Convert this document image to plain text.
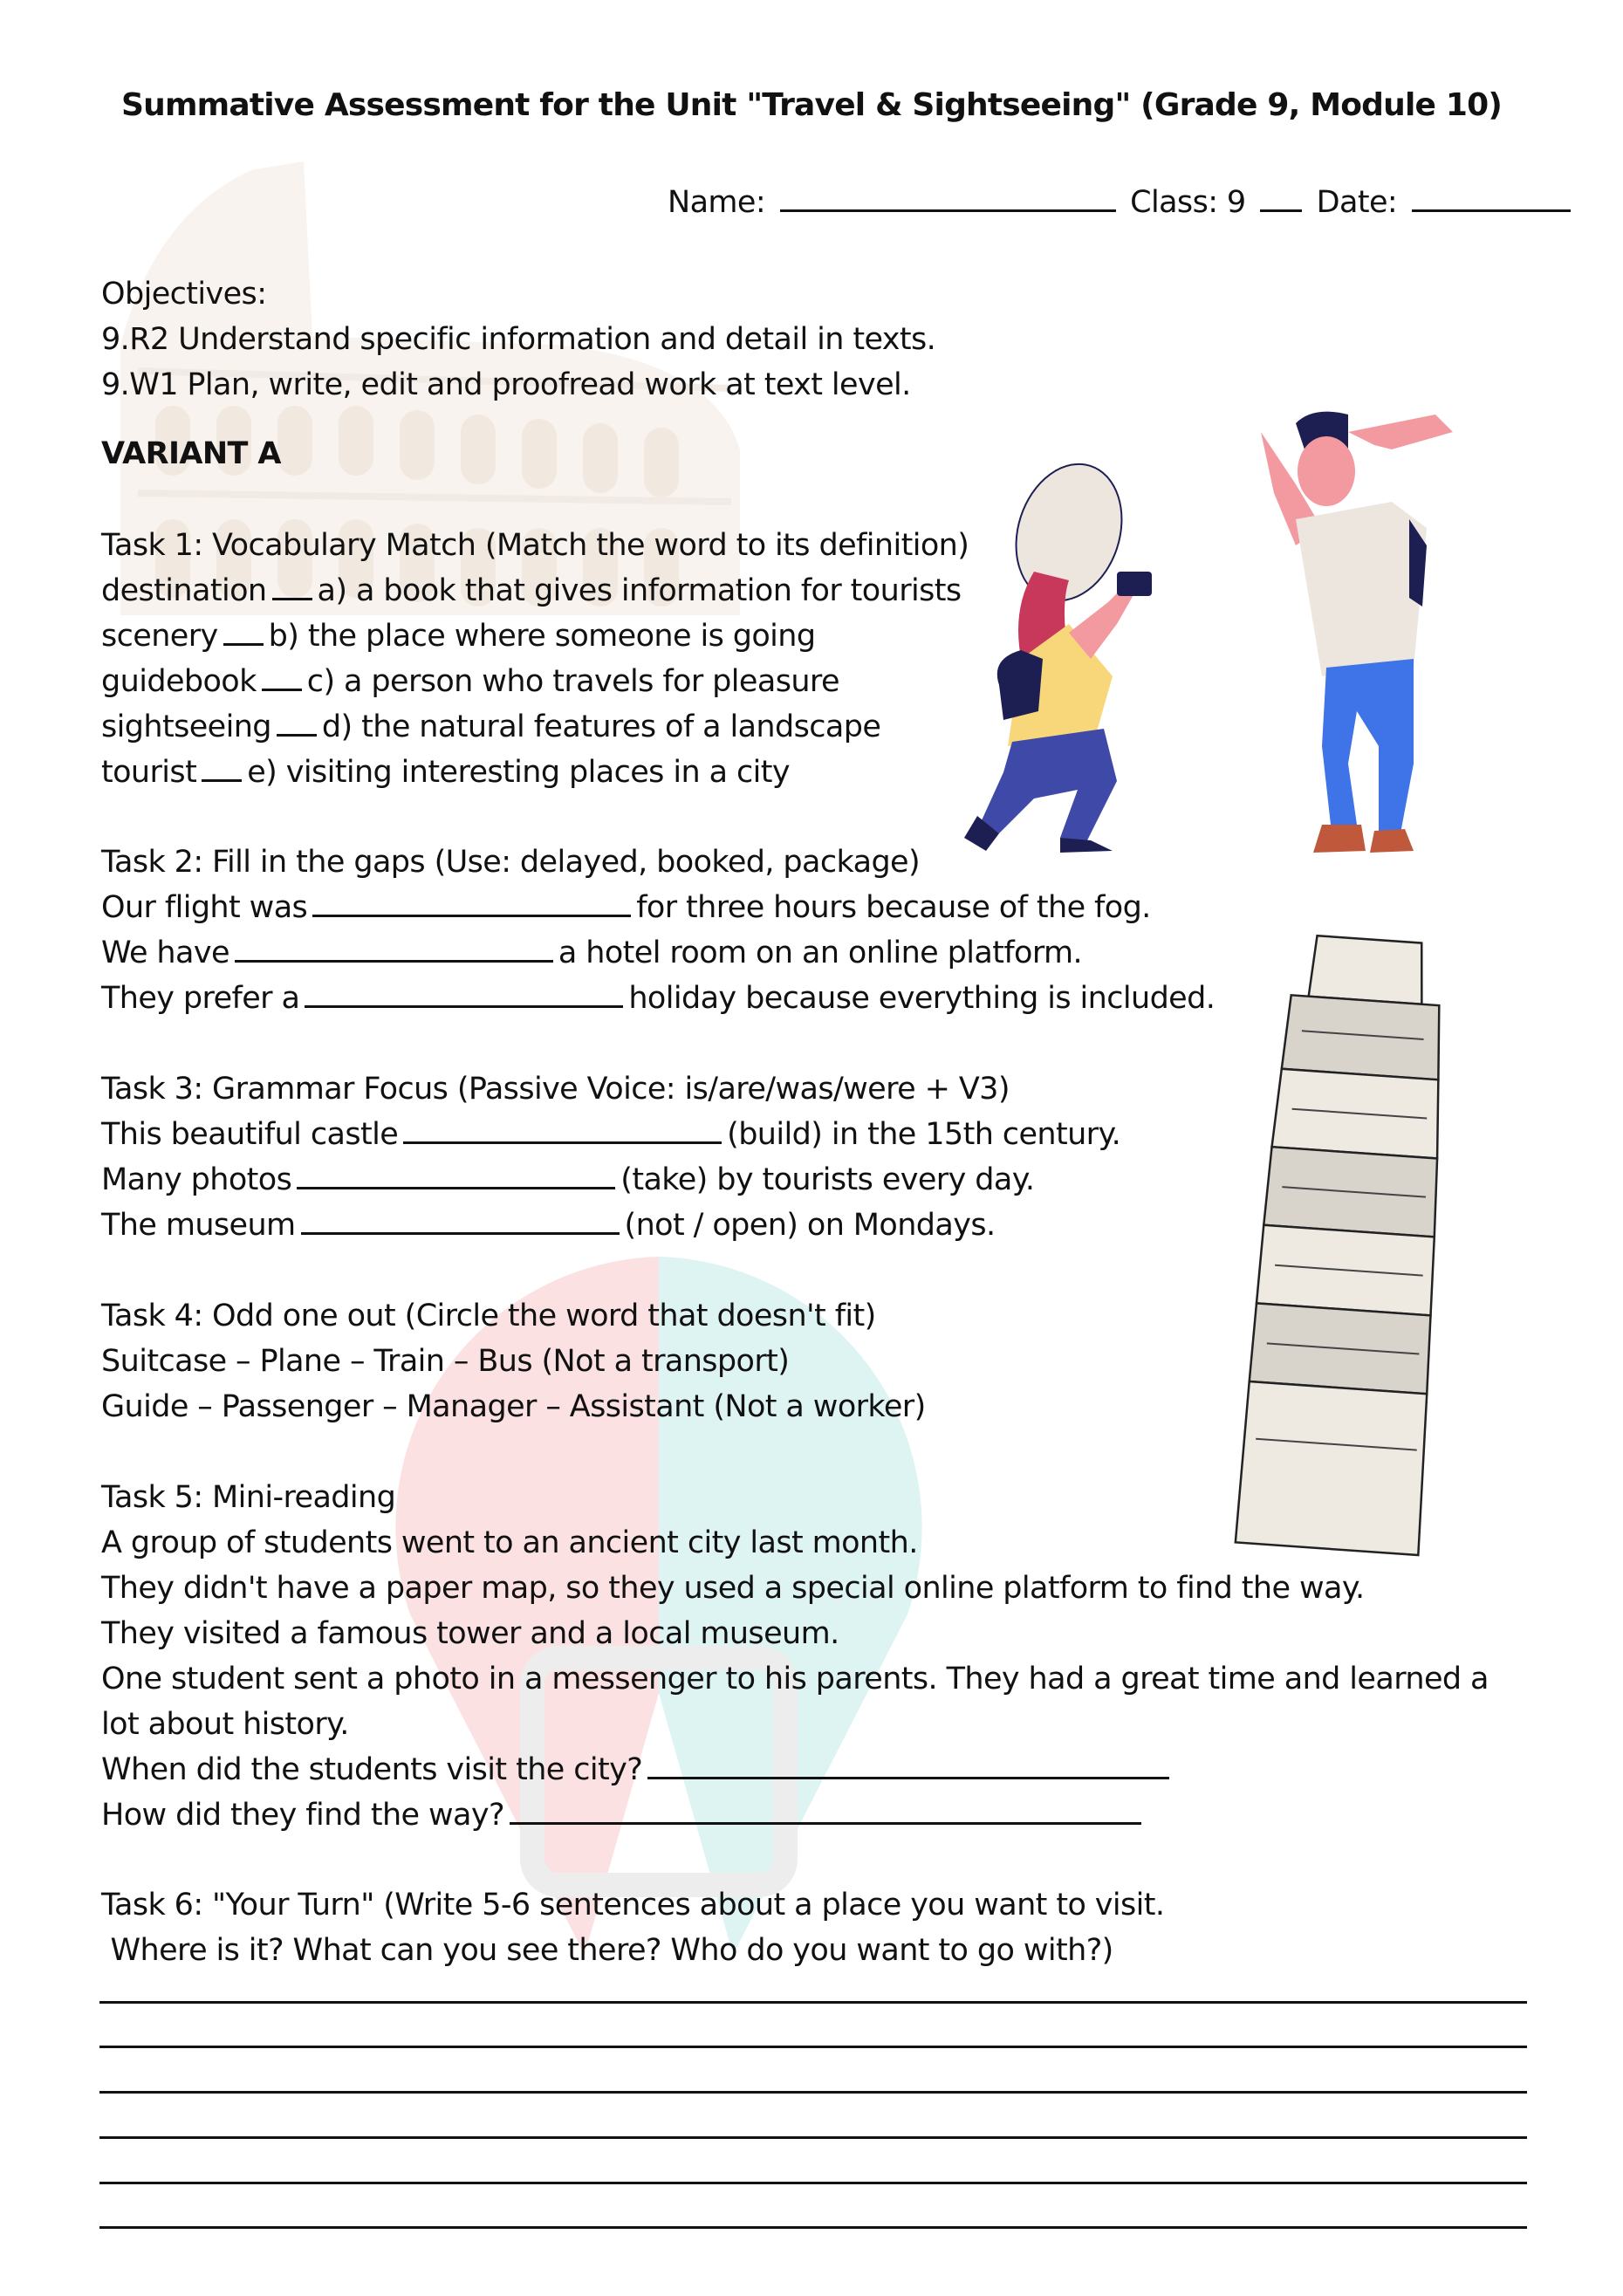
Summative Assessment for the Unit "Travel & Sightseeing" (Grade 9, Module 10)
Name:	Class: 9 Date:
Objectives:
9.R2 Understand specific information and detail in texts.
9.W1 Plan, write, edit and proofread work at text level.
VARIANT A
Task 1: Vocabulary Match (Match the word to its definition)
destination a) a book that gives information for tourists
scenery b) the place where someone is going
guidebook c) a person who travels for pleasure
sightseeing d) the natural features of a landscape
tourist e) visiting interesting places in a city
Task 2: Fill in the gaps (Use: delayed, booked, package)
Our flight was	for three hours because of the fog.
We have	a hotel room on an online platform.
They prefer a	holiday because everything is included.
Task 3: Grammar Focus (Passive Voice: is/are/was/were + V3)
This beautiful castle	(build) in the 15th century.
Many photos	(take) by tourists every day.
The museum	(not / open) on Mondays.
Task 4: Odd one out (Circle the word that doesn't fit)
Suitcase – Plane – Train – Bus (Not a transport)
Guide – Passenger – Manager – Assistant (Not a worker)
Task 5: Mini-reading
A group of students went to an ancient city last month.
They didn't have a paper map, so they used a special online platform to find the way.
They visited a famous tower and a local museum.
One student sent a photo in a messenger to his parents. They had a great time and learned a
lot about history.
When did the students visit the city?
How did they find the way?
Task 6: "Your Turn" (Write 5-6 sentences about a place you want to visit.
Where is it? What can you see there? Who do you want to go with?)
